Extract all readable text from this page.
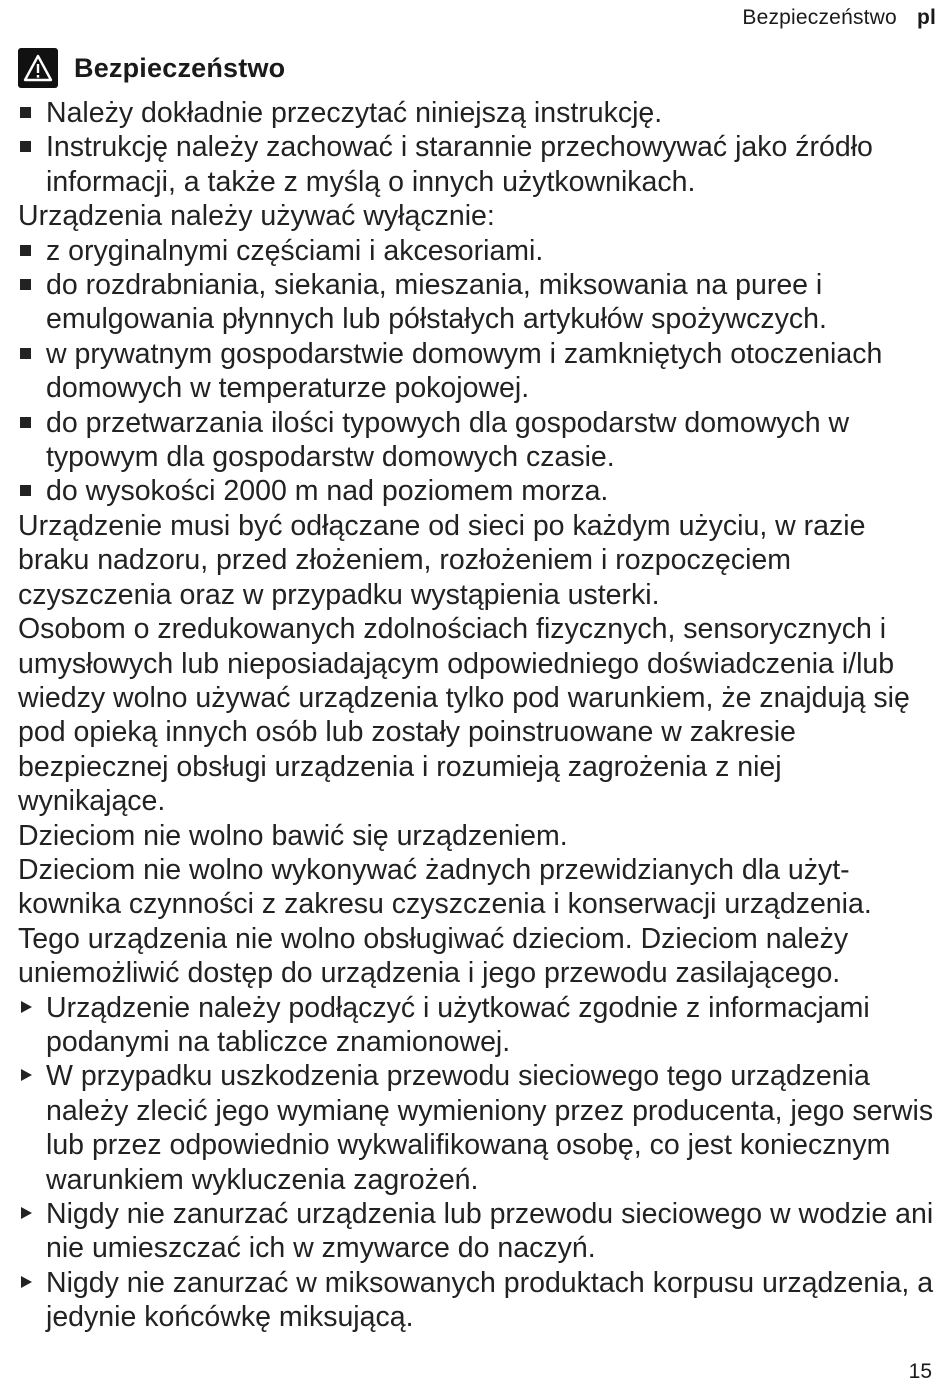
Bezpieczeństwo pl
Bezpieczeństwo
Należy dokładnie przeczytać niniejszą instrukcję.
Instrukcję należy zachować i starannie przechowywać jako źródło informacji, a także z myślą o innych użytkownikach.
Urządzenia należy używać wyłącznie:
z oryginalnymi częściami i akcesoriami.
do rozdrabniania, siekania, mieszania, miksowania na puree i emulgowania płynnych lub półstałych artykułów spożywczych.
w prywatnym gospodarstwie domowym i zamkniętych otoczeniach domowych w temperaturze pokojowej.
do przetwarzania ilości typowych dla gospodarstw domowych w typowym dla gospodarstw domowych czasie.
do wysokości 2000 m nad poziomem morza.
Urządzenie musi być odłączane od sieci po każdym użyciu, w razie braku nadzoru, przed złożeniem, rozłożeniem i rozpoczęciem czyszczenia oraz w przypadku wystąpienia usterki.
Osobom o zredukowanych zdolnościach fizycznych, sensorycznych i umysłowych lub nieposiadającym odpowiedniego doświadczenia i/lub wiedzy wolno używać urządzenia tylko pod warunkiem, że znajdują się pod opieką innych osób lub zostały poinstruowane w zakresie bezpiecznej obsługi urządzenia i rozumieją zagrożenia z niej wynikające.
Dzieciom nie wolno bawić się urządzeniem.
Dzieciom nie wolno wykonywać żadnych przewidzianych dla użytkownika czynności z zakresu czyszczenia i konserwacji urządzenia.
Tego urządzenia nie wolno obsługiwać dzieciom. Dzieciom należy uniemożliwić dostęp do urządzenia i jego przewodu zasilającego.
Urządzenie należy podłączyć i użytkować zgodnie z informacjami podanymi na tabliczce znamionowej.
W przypadku uszkodzenia przewodu sieciowego tego urządzenia należy zlecić jego wymianę wymieniony przez producenta, jego serwis lub przez odpowiednio wykwalifikowaną osobę, co jest koniecznym warunkiem wykluczenia zagrożeń.
Nigdy nie zanurzać urządzenia lub przewodu sieciowego w wodzie ani nie umieszczać ich w zmywarce do naczyń.
Nigdy nie zanurzać w miksowanych produktach korpusu urządzenia, a jedynie końcówkę miksującą.
15
